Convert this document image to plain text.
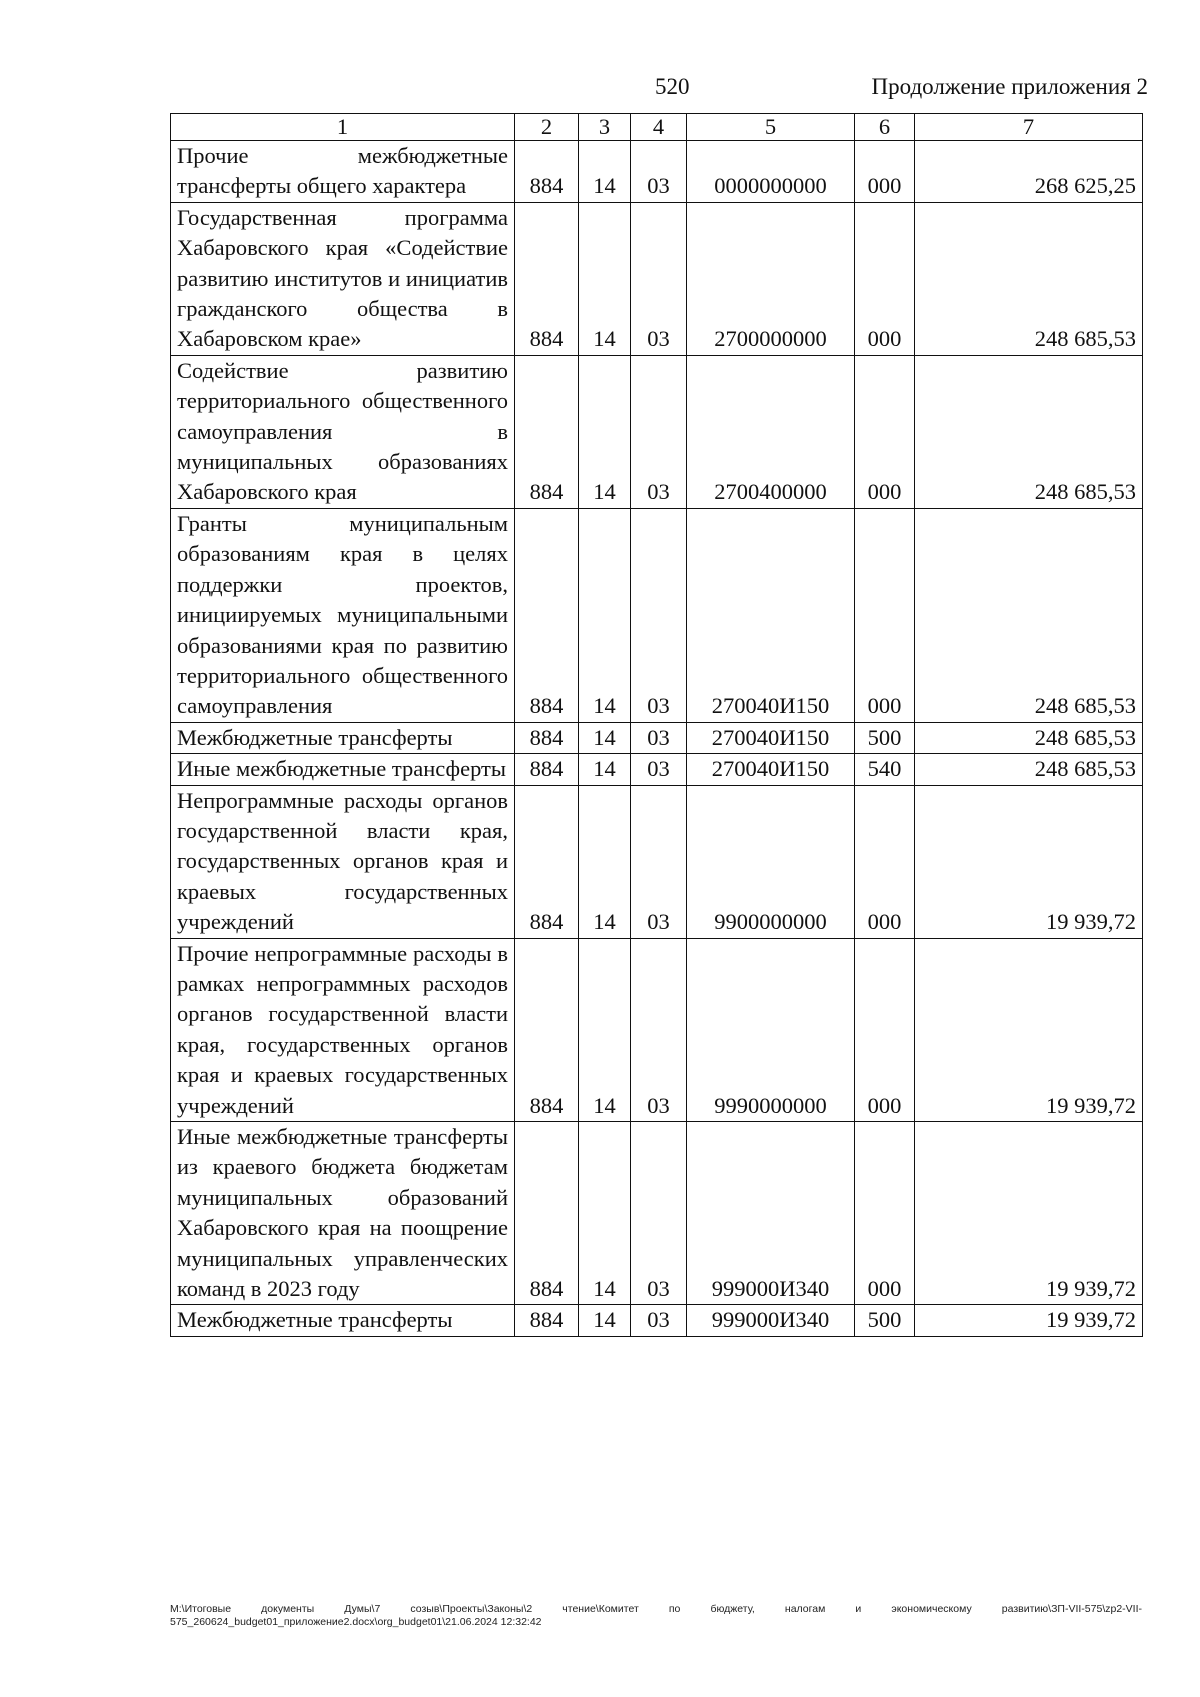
520	Продолжение приложения 2
1	2	3	4	5	6	7
Прочие межбюджетные трансферты общего характера	884	14	03	0000000000	000	268 625,25
Государственная программа Хабаровского края «Содействие развитию институтов и инициатив гражданского общества в Хабаровском крае»	884	14	03	2700000000	000	248 685,53
Содействие развитию территориального общественного самоуправления в муниципальных образованиях Хабаровского края	884	14	03	2700400000	000	248 685,53
Гранты муниципальным образованиям края в целях поддержки проектов, инициируемых муниципальными образованиями края по развитию территориального общественного самоуправления	884	14	03	270040И150	000	248 685,53
Межбюджетные трансферты	884	14	03	270040И150	500	248 685,53
Иные межбюджетные трансферты	884	14	03	270040И150	540	248 685,53
Непрограммные расходы органов государственной власти края, государственных органов края и краевых государственных учреждений	884	14	03	9900000000	000	19 939,72
Прочие непрограммные расходы в рамках непрограммных расходов органов государственной власти края, государственных органов края и краевых государственных учреждений	884	14	03	9990000000	000	19 939,72
Иные межбюджетные трансферты из краевого бюджета бюджетам муниципальных образований Хабаровского края на поощрение муниципальных управленческих команд в 2023 году	884	14	03	999000И340	000	19 939,72
Межбюджетные трансферты	884	14	03	999000И340	500	19 939,72
М:\Итоговые документы Думы\7 созыв\Проекты\Законы\2 чтение\Комитет по бюджету, налогам и экономическому развитию\ЗП-VII-575\zp2-VII-575_260624_budget01_приложение2.docx\org_budget01\21.06.2024 12:32:42
